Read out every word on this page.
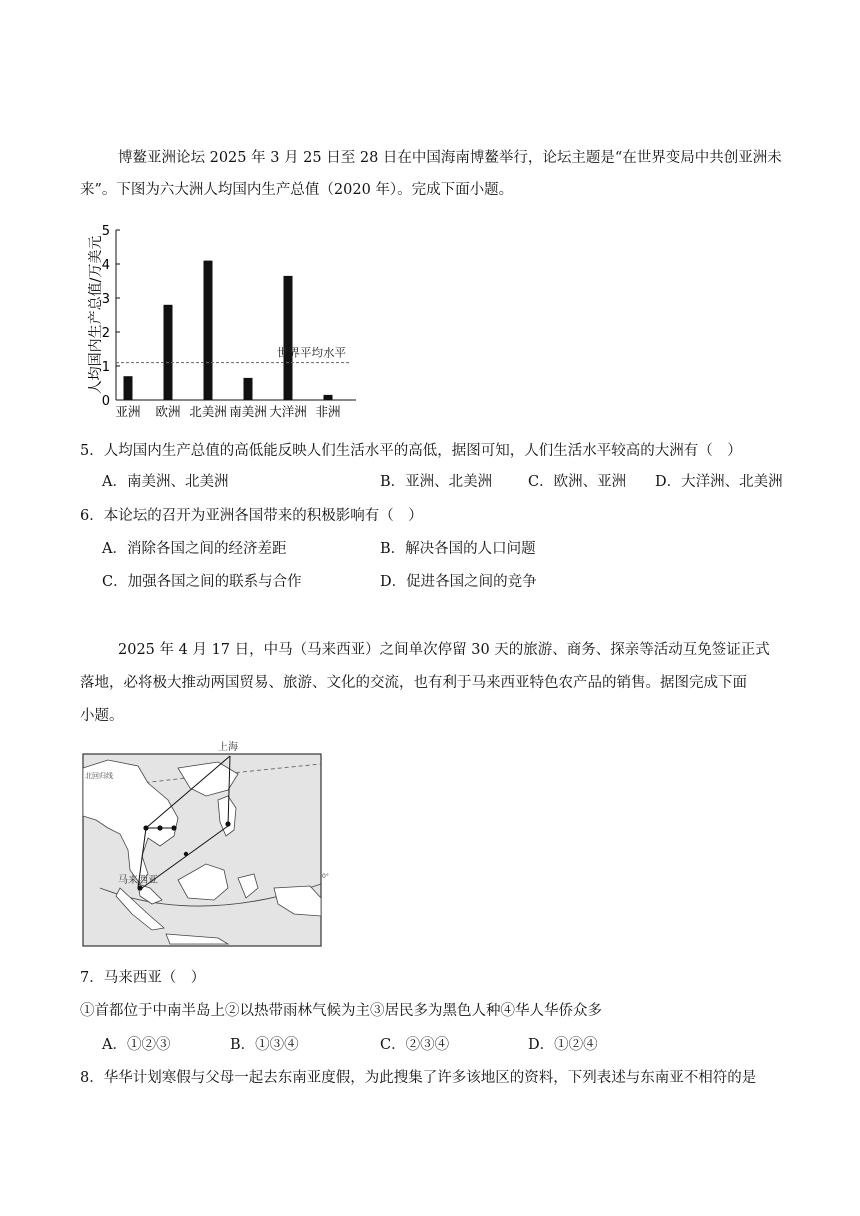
博鳌亚洲论坛 2025 年 3 月 25 日至 28 日在中国海南博鳌举行，论坛主题是“在世界变局中共创亚洲未
来”。下图为六大洲人均国内生产总值（2020 年）。完成下面小题。
人均国内生产总值/万美元
亚洲 欧洲 北美洲 南美洲 大洋洲 非洲
0
1
2
3
4
5
世界平均水平
5．人均国内生产总值的高低能反映人们生活水平的高低，据图可知，人们生活水平较高的大洲有（　）
A．南美洲、北美洲	B．亚洲、北美洲 C．欧洲、亚洲 D．大洋洲、北美洲
6．本论坛的召开为亚洲各国带来的积极影响有（　）
A．消除各国之间的经济差距	B．解决各国的人口问题
C．加强各国之间的联系与合作	D．促进各国之间的竞争
2025 年 4 月 17 日，中马（马来西亚）之间单次停留 30 天的旅游、商务、探亲等活动互免签证正式
落地，必将极大推动两国贸易、旅游、文化的交流，也有利于马来西亚特色农产品的销售。据图完成下面
小题。
上海
马来西亚
北回归线
0°
7．马来西亚（　）
①首都位于中南半岛上②以热带雨林气候为主③居民多为黑色人种④华人华侨众多
A．①②③	B．①③④	C．②③④	D．①②④
8．华华计划寒假与父母一起去东南亚度假，为此搜集了许多该地区的资料，下列表述与东南亚不相符的是
